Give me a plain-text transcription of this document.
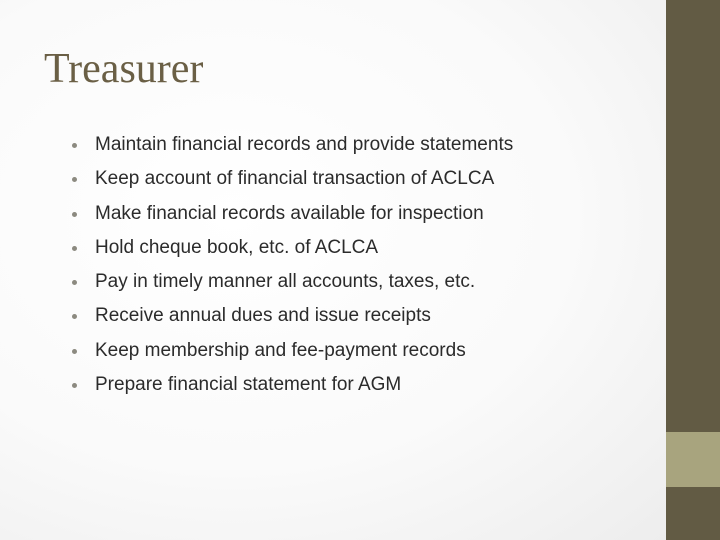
Treasurer
Maintain financial records and provide statements
Keep account of financial transaction of ACLCA
Make financial records available for inspection
Hold cheque book, etc. of ACLCA
Pay in timely manner all accounts, taxes, etc.
Receive annual dues and issue receipts
Keep membership and fee-payment records
Prepare financial statement for AGM
